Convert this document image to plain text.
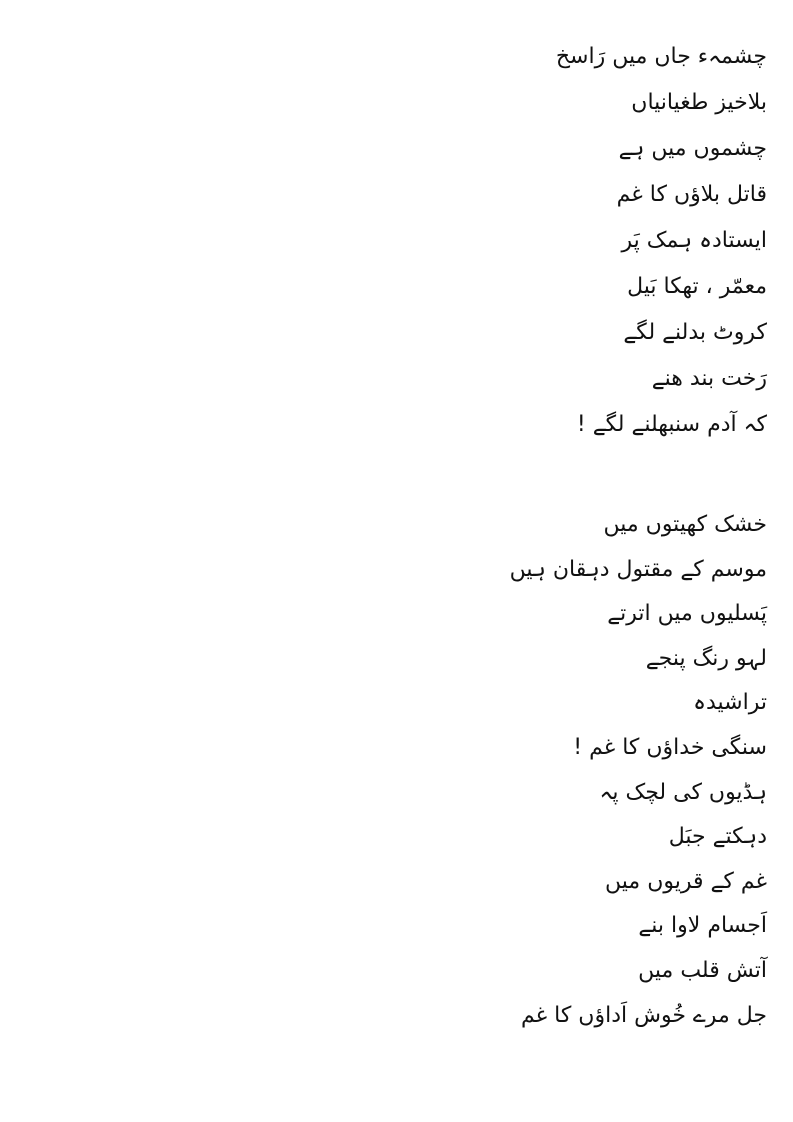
چشمہء جاں میں رَاسخ
بلاخیز طغیانیاں
چشموں میں ہے
قاتل بلاؤں کا غم
ایستادہ ہمک پَر
معمّر ، تھکا بَیل
کروٹ بدلنے لگے
رَخت بند ھنے
کہ آدم سنبھلنے لگے !
خشک کھیتوں میں
موسم کے مقتول دہقان ہیں
پَسلیوں میں اترتے
لہو رنگ پنجے
تراشیدہ
سنگی خداؤں کا غم !
ہڈیوں کی لچک پہ
دہکتے جبَل
غم کے قریوں میں
اَجسام لاوا بنے
آتش قلب میں
جل مرے خُوش اَداؤں کا غم
